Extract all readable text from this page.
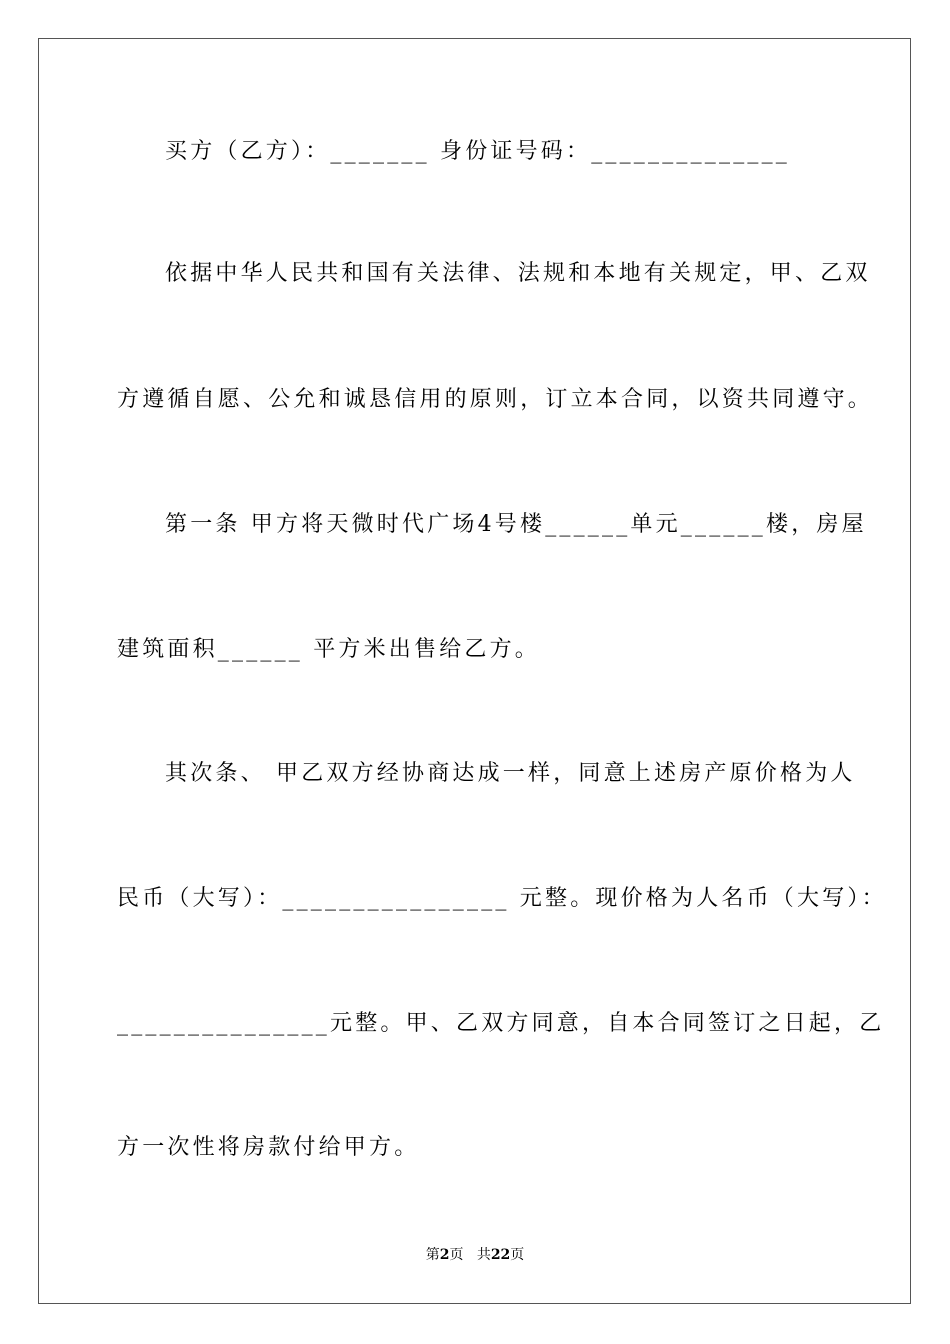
买方（乙方）：_______ 身份证号码：______________
依据中华人民共和国有关法律、法规和本地有关规定，甲、乙双
方遵循自愿、公允和诚恳信用的原则，订立本合同，以资共同遵守。
第一条 甲方将天微时代广场4号楼______单元______楼，房屋
建筑面积______ 平方米出售给乙方。
其次条、 甲乙双方经协商达成一样，同意上述房产原价格为人
民币（大写）：________________ 元整。现价格为人名币（大写）：
_______________元整。甲、乙双方同意，自本合同签订之日起，乙
方一次性将房款付给甲方。
第2页 共22页
